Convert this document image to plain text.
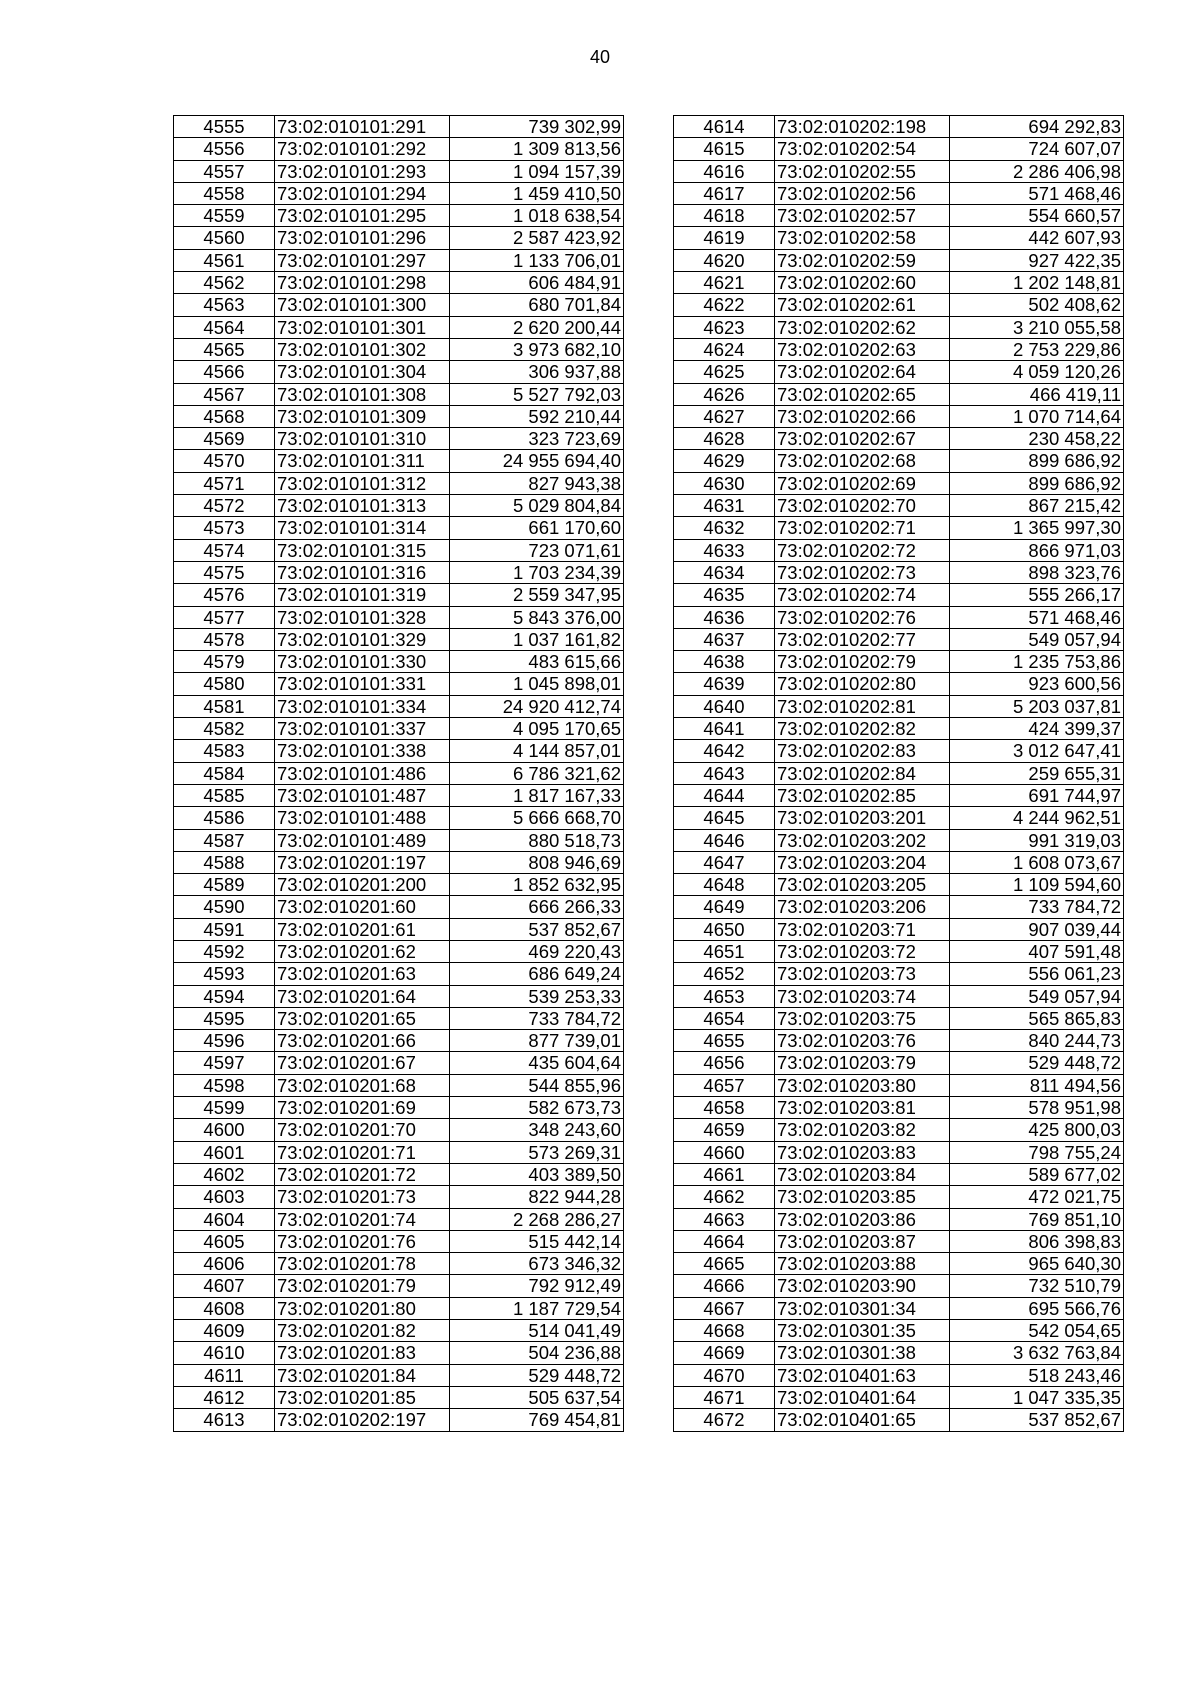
40
4555	73:02:010101:291	739 302,99
4556	73:02:010101:292	1 309 813,56
4557	73:02:010101:293	1 094 157,39
4558	73:02:010101:294	1 459 410,50
4559	73:02:010101:295	1 018 638,54
4560	73:02:010101:296	2 587 423,92
4561	73:02:010101:297	1 133 706,01
4562	73:02:010101:298	606 484,91
4563	73:02:010101:300	680 701,84
4564	73:02:010101:301	2 620 200,44
4565	73:02:010101:302	3 973 682,10
4566	73:02:010101:304	306 937,88
4567	73:02:010101:308	5 527 792,03
4568	73:02:010101:309	592 210,44
4569	73:02:010101:310	323 723,69
4570	73:02:010101:311	24 955 694,40
4571	73:02:010101:312	827 943,38
4572	73:02:010101:313	5 029 804,84
4573	73:02:010101:314	661 170,60
4574	73:02:010101:315	723 071,61
4575	73:02:010101:316	1 703 234,39
4576	73:02:010101:319	2 559 347,95
4577	73:02:010101:328	5 843 376,00
4578	73:02:010101:329	1 037 161,82
4579	73:02:010101:330	483 615,66
4580	73:02:010101:331	1 045 898,01
4581	73:02:010101:334	24 920 412,74
4582	73:02:010101:337	4 095 170,65
4583	73:02:010101:338	4 144 857,01
4584	73:02:010101:486	6 786 321,62
4585	73:02:010101:487	1 817 167,33
4586	73:02:010101:488	5 666 668,70
4587	73:02:010101:489	880 518,73
4588	73:02:010201:197	808 946,69
4589	73:02:010201:200	1 852 632,95
4590	73:02:010201:60	666 266,33
4591	73:02:010201:61	537 852,67
4592	73:02:010201:62	469 220,43
4593	73:02:010201:63	686 649,24
4594	73:02:010201:64	539 253,33
4595	73:02:010201:65	733 784,72
4596	73:02:010201:66	877 739,01
4597	73:02:010201:67	435 604,64
4598	73:02:010201:68	544 855,96
4599	73:02:010201:69	582 673,73
4600	73:02:010201:70	348 243,60
4601	73:02:010201:71	573 269,31
4602	73:02:010201:72	403 389,50
4603	73:02:010201:73	822 944,28
4604	73:02:010201:74	2 268 286,27
4605	73:02:010201:76	515 442,14
4606	73:02:010201:78	673 346,32
4607	73:02:010201:79	792 912,49
4608	73:02:010201:80	1 187 729,54
4609	73:02:010201:82	514 041,49
4610	73:02:010201:83	504 236,88
4611	73:02:010201:84	529 448,72
4612	73:02:010201:85	505 637,54
4613	73:02:010202:197	769 454,81
4614	73:02:010202:198	694 292,83
4615	73:02:010202:54	724 607,07
4616	73:02:010202:55	2 286 406,98
4617	73:02:010202:56	571 468,46
4618	73:02:010202:57	554 660,57
4619	73:02:010202:58	442 607,93
4620	73:02:010202:59	927 422,35
4621	73:02:010202:60	1 202 148,81
4622	73:02:010202:61	502 408,62
4623	73:02:010202:62	3 210 055,58
4624	73:02:010202:63	2 753 229,86
4625	73:02:010202:64	4 059 120,26
4626	73:02:010202:65	466 419,11
4627	73:02:010202:66	1 070 714,64
4628	73:02:010202:67	230 458,22
4629	73:02:010202:68	899 686,92
4630	73:02:010202:69	899 686,92
4631	73:02:010202:70	867 215,42
4632	73:02:010202:71	1 365 997,30
4633	73:02:010202:72	866 971,03
4634	73:02:010202:73	898 323,76
4635	73:02:010202:74	555 266,17
4636	73:02:010202:76	571 468,46
4637	73:02:010202:77	549 057,94
4638	73:02:010202:79	1 235 753,86
4639	73:02:010202:80	923 600,56
4640	73:02:010202:81	5 203 037,81
4641	73:02:010202:82	424 399,37
4642	73:02:010202:83	3 012 647,41
4643	73:02:010202:84	259 655,31
4644	73:02:010202:85	691 744,97
4645	73:02:010203:201	4 244 962,51
4646	73:02:010203:202	991 319,03
4647	73:02:010203:204	1 608 073,67
4648	73:02:010203:205	1 109 594,60
4649	73:02:010203:206	733 784,72
4650	73:02:010203:71	907 039,44
4651	73:02:010203:72	407 591,48
4652	73:02:010203:73	556 061,23
4653	73:02:010203:74	549 057,94
4654	73:02:010203:75	565 865,83
4655	73:02:010203:76	840 244,73
4656	73:02:010203:79	529 448,72
4657	73:02:010203:80	811 494,56
4658	73:02:010203:81	578 951,98
4659	73:02:010203:82	425 800,03
4660	73:02:010203:83	798 755,24
4661	73:02:010203:84	589 677,02
4662	73:02:010203:85	472 021,75
4663	73:02:010203:86	769 851,10
4664	73:02:010203:87	806 398,83
4665	73:02:010203:88	965 640,30
4666	73:02:010203:90	732 510,79
4667	73:02:010301:34	695 566,76
4668	73:02:010301:35	542 054,65
4669	73:02:010301:38	3 632 763,84
4670	73:02:010401:63	518 243,46
4671	73:02:010401:64	1 047 335,35
4672	73:02:010401:65	537 852,67
